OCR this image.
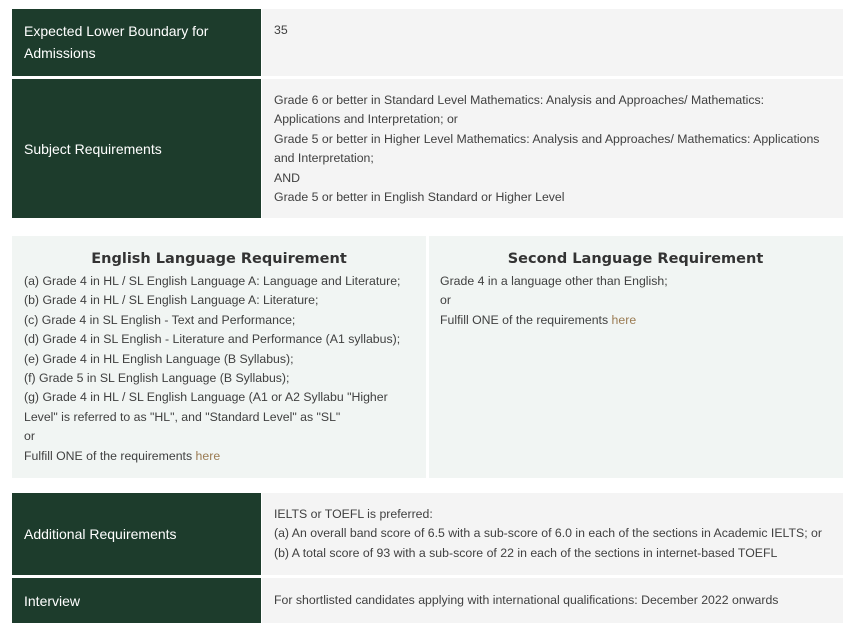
Expected Lower Boundary for Admissions
35
Subject Requirements
Grade 6 or better in Standard Level Mathematics: Analysis and Approaches/ Mathematics:
Applications and Interpretation; or
Grade 5 or better in Higher Level Mathematics: Analysis and Approaches/ Mathematics: Applications
and Interpretation;
AND
Grade 5 or better in English Standard or Higher Level
English Language Requirement
(a) Grade 4 in HL / SL English Language A: Language and Literature;
(b) Grade 4 in HL / SL English Language A: Literature;
(c) Grade 4 in SL English - Text and Performance;
(d) Grade 4 in SL English - Literature and Performance (A1 syllabus);
(e) Grade 4 in HL English Language (B Syllabus);
(f) Grade 5 in SL English Language (B Syllabus);
(g) Grade 4 in HL / SL English Language (A1 or A2 Syllabu "Higher
Level" is referred to as "HL", and "Standard Level" as "SL"
or
Fulfill ONE of the requirements here
Second Language Requirement
Grade 4 in a language other than English;
or
Fulfill ONE of the requirements here
Additional Requirements
IELTS or TOEFL is preferred:
(a) An overall band score of 6.5 with a sub-score of 6.0 in each of the sections in Academic IELTS; or
(b) A total score of 93 with a sub-score of 22 in each of the sections in internet-based TOEFL
Interview	For shortlisted candidates applying with international qualifications: December 2022 onwards
